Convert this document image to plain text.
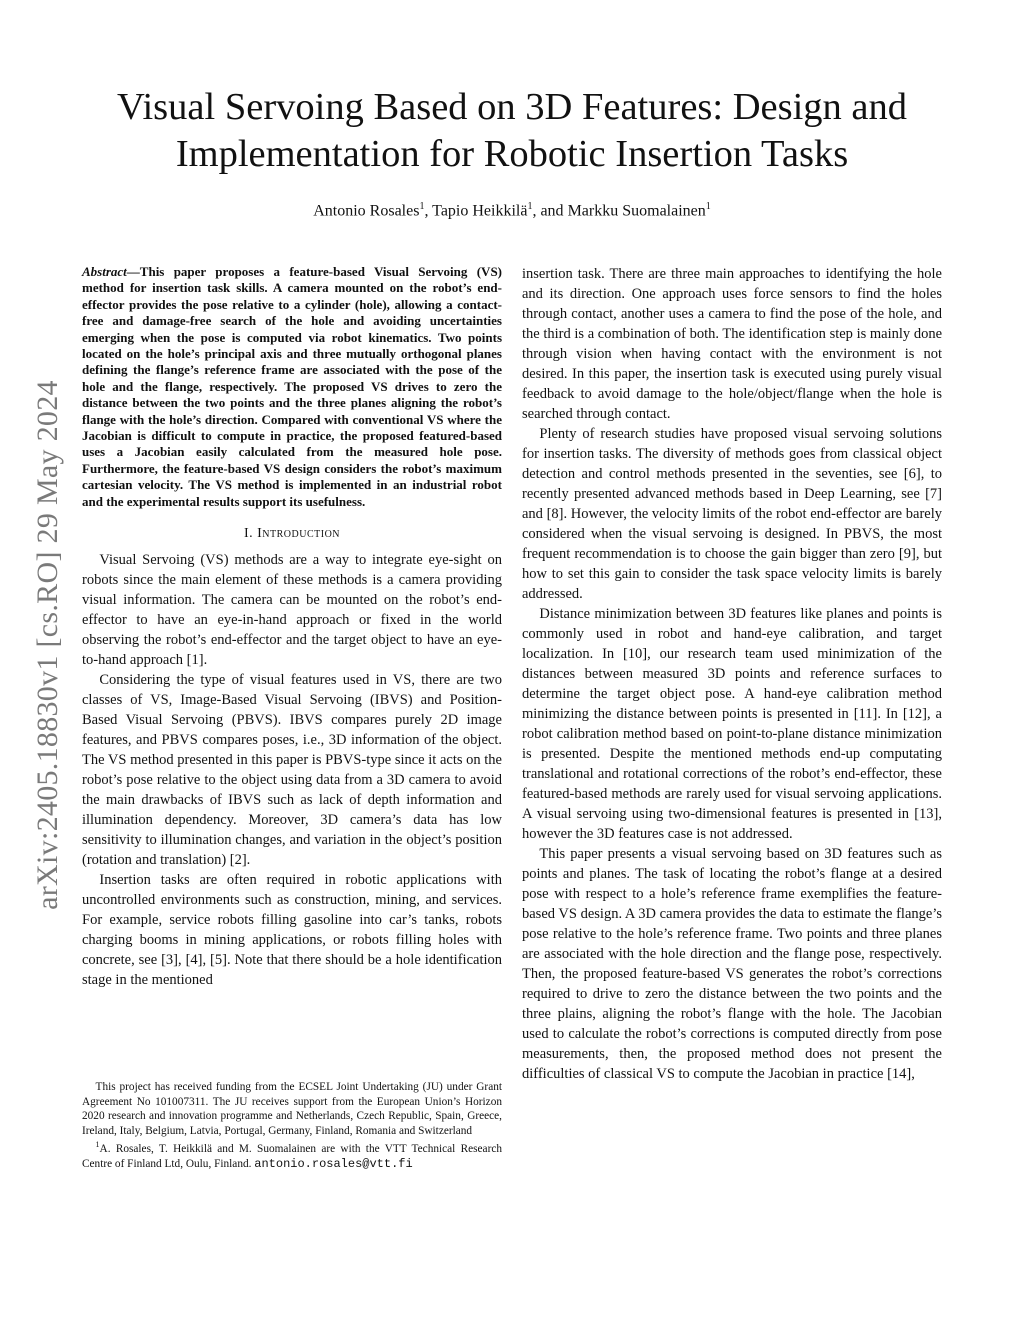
arXiv:2405.18830v1 [cs.RO] 29 May 2024
Visual Servoing Based on 3D Features: Design and
Implementation for Robotic Insertion Tasks
Antonio Rosales$^1$, Tapio Heikkilä$^1$, and Markku Suomalainen$^1$

Abstract—This paper proposes a feature-based Visual Servoing (VS) method for insertion task skills. A camera mounted on the robot’s end-effector provides the pose relative to a cylinder (hole), allowing a contact-free and damage-free search of the hole and avoiding uncertainties emerging when the pose is computed via robot kinematics. Two points located on the hole’s principal axis and three mutually orthogonal planes defining the flange’s reference frame are associated with the pose of the hole and the flange, respectively. The proposed VS drives to zero the distance between the two points and the three planes aligning the robot’s flange with the hole’s direction. Compared with conventional VS where the Jacobian is difficult to compute in practice, the proposed featured-based uses a Jacobian easily calculated from the measured hole pose. Furthermore, the feature-based VS design considers the robot’s maximum cartesian velocity. The VS method is implemented in an industrial robot and the experimental results support its usefulness.

I. Introduction

Visual Servoing (VS) methods are a way to integrate eye-sight on robots since the main element of these methods is a camera providing visual information. The camera can be mounted on the robot’s end-effector to have an eye-in-hand approach or fixed in the world observing the robot’s end-effector and the target object to have an eye-to-hand approach [1].

Considering the type of visual features used in VS, there are two classes of VS, Image-Based Visual Servoing (IBVS) and Position-Based Visual Servoing (PBVS). IBVS compares purely 2D image features, and PBVS compares poses, i.e., 3D information of the object. The VS method presented in this paper is PBVS-type since it acts on the robot’s pose relative to the object using data from a 3D camera to avoid the main drawbacks of IBVS such as lack of depth information and illumination dependency. Moreover, 3D camera’s data has low sensitivity to illumination changes, and variation in the object’s position (rotation and translation) [2].

Insertion tasks are often required in robotic applications with uncontrolled environments such as construction, mining, and services. For example, service robots filling gasoline into car’s tanks, robots charging booms in mining applications, or robots filling holes with concrete, see [3], [4], [5]. Note that there should be a hole identification stage in the mentioned

This project has received funding from the ECSEL Joint Undertaking (JU) under Grant Agreement No 101007311. The JU receives support from the European Union’s Horizon 2020 research and innovation programme and Netherlands, Czech Republic, Spain, Greece, Ireland, Italy, Belgium, Latvia, Portugal, Germany, Finland, Romania and Switzerland

$^1$A. Rosales, T. Heikkilä and M. Suomalainen are with the VTT Technical Research Centre of Finland Ltd, Oulu, Finland. antonio.rosales@vtt.fi

insertion task. There are three main approaches to identifying the hole and its direction. One approach uses force sensors to find the holes through contact, another uses a camera to find the pose of the hole, and the third is a combination of both. The identification step is mainly done through vision when having contact with the environment is not desired. In this paper, the insertion task is executed using purely visual feedback to avoid damage to the hole/object/flange when the hole is searched through contact.

Plenty of research studies have proposed visual servoing solutions for insertion tasks. The diversity of methods goes from classical object detection and control methods presented in the seventies, see [6], to recently presented advanced methods based in Deep Learning, see [7] and [8]. However, the velocity limits of the robot end-effector are barely considered when the visual servoing is designed. In PBVS, the most frequent recommendation is to choose the gain bigger than zero [9], but how to set this gain to consider the task space velocity limits is barely addressed.

Distance minimization between 3D features like planes and points is commonly used in robot and hand-eye calibration, and target localization. In [10], our research team used minimization of the distances between measured 3D points and reference surfaces to determine the target object pose. A hand-eye calibration method minimizing the distance between points is presented in [11]. In [12], a robot calibration method based on point-to-plane distance minimization is presented. Despite the mentioned methods end-up computating translational and rotational corrections of the robot’s end-effector, these featured-based methods are rarely used for visual servoing applications. A visual servoing using two-dimensional features is presented in [13], however the 3D features case is not addressed.

This paper presents a visual servoing based on 3D features such as points and planes. The task of locating the robot’s flange at a desired pose with respect to a hole’s reference frame exemplifies the feature-based VS design. A 3D camera provides the data to estimate the flange’s pose relative to the hole’s reference frame. Two points and three planes are associated with the hole direction and the flange pose, respectively. Then, the proposed feature-based VS generates the robot’s corrections required to drive to zero the distance between the two points and the three plains, aligning the robot’s flange with the hole. The Jacobian used to calculate the robot’s corrections is computed directly from pose measurements, then, the proposed method does not present the difficulties of classical VS to compute the Jacobian in practice [14],
